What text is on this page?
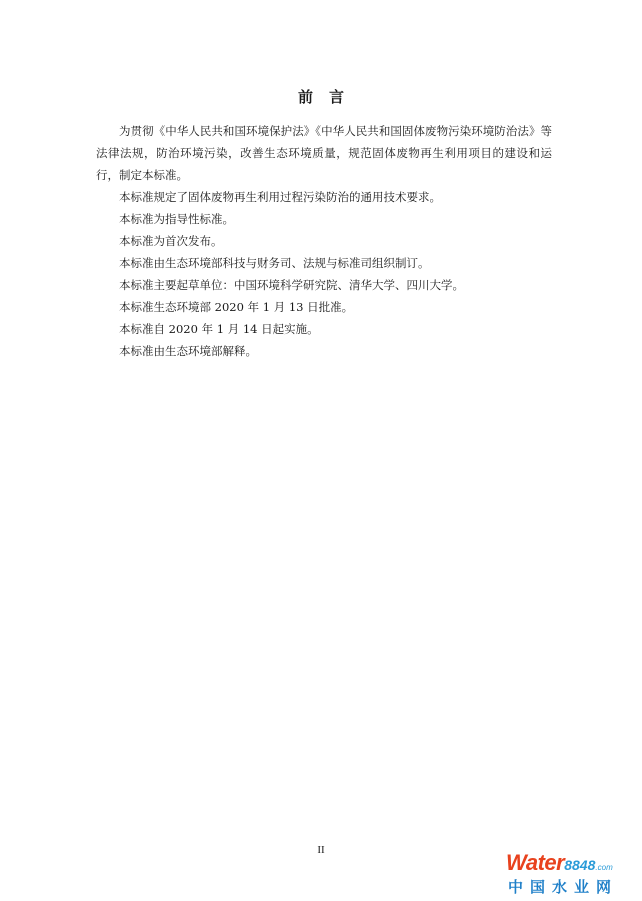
前 言

为贯彻《中华人民共和国环境保护法》《中华人民共和国固体废物污染环境防治法》等法律法规，防治环境污染，改善生态环境质量，规范固体废物再生利用项目的建设和运行，制定本标准。

本标准规定了固体废物再生利用过程污染防治的通用技术要求。

本标准为指导性标准。

本标准为首次发布。

本标准由生态环境部科技与财务司、法规与标准司组织制订。

本标准主要起草单位：中国环境科学研究院、清华大学、四川大学。

本标准生态环境部 2020 年 1 月 13 日批准。

本标准自 2020 年 1 月 14 日起实施。

本标准由生态环境部解释。

II	Water8848.com
中国水业网
